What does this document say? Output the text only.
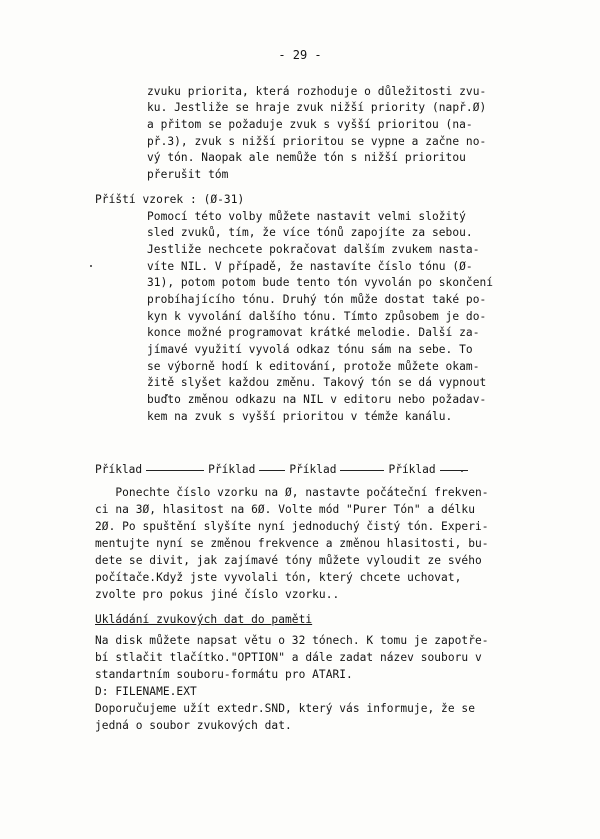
- 29 -

zvuku priorita, která rozhoduje o důležitosti zvu-

ku. Jestliže se hraje zvuk nižší priority (např.Ø)

a přitom se požaduje zvuk s vyšší prioritou (na-

př.3), zvuk s nižší prioritou se vypne a začne no-

vý tón. Naopak ale nemůže tón s nižší prioritou

přerušit tóm

Příští vzorek : (Ø-31)

Pomocí této volby můžete nastavit velmi složitý

sled zvuků, tím, že více tónů zapojíte za sebou.

Jestliže nechcete pokračovat dalším zvukem nasta-

víte NIL. V případě, že nastavíte číslo tónu (Ø-

31), potom potom bude tento tón vyvolán po skončení

probíhajícího tónu. Druhý tón může dostat také po-

kyn k vyvolání dalšího tónu. Tímto způsobem je do-

konce možné programovat krátké melodie. Další za-

jímavé využití vyvolá odkaz tónu sám na sebe. To

se výborně hodí k editování, protože můžete okam-

žitě slyšet každou změnu. Takový tón se dá vypnout

buďto změnou odkazu na NIL v editoru nebo požadav-

kem na zvuk s vyšší prioritou v témže kanálu.

Příklad	Příklad	Příklad	Příklad

Ponechte číslo vzorku na Ø, nastavte počáteční frekven-

ci na 3Ø, hlasitost na 6Ø. Volte mód "Purer Tón" a délku

2Ø. Po spuštění slyšíte nyní jednoduchý čistý tón. Experi-

mentujte nyní se změnou frekvence a změnou hlasitosti, bu-

dete se divit, jak zajímavé tóny můžete vyloudit ze svého

počítače.Když jste vyvolali tón, který chcete uchovat,

zvolte pro pokus jiné číslo vzorku..

Ukládání zvukových dat do paměti

Na disk můžete napsat větu o 32 tónech. K tomu je zapotře-

bí stlačit tlačítko."OPTION" a dále zadat název souboru v

standartním souboru-formátu pro ATARI.

D: FILENAME.EXT

Doporučujeme užít extedr.SND, který vás informuje, že se

jedná o soubor zvukových dat.
